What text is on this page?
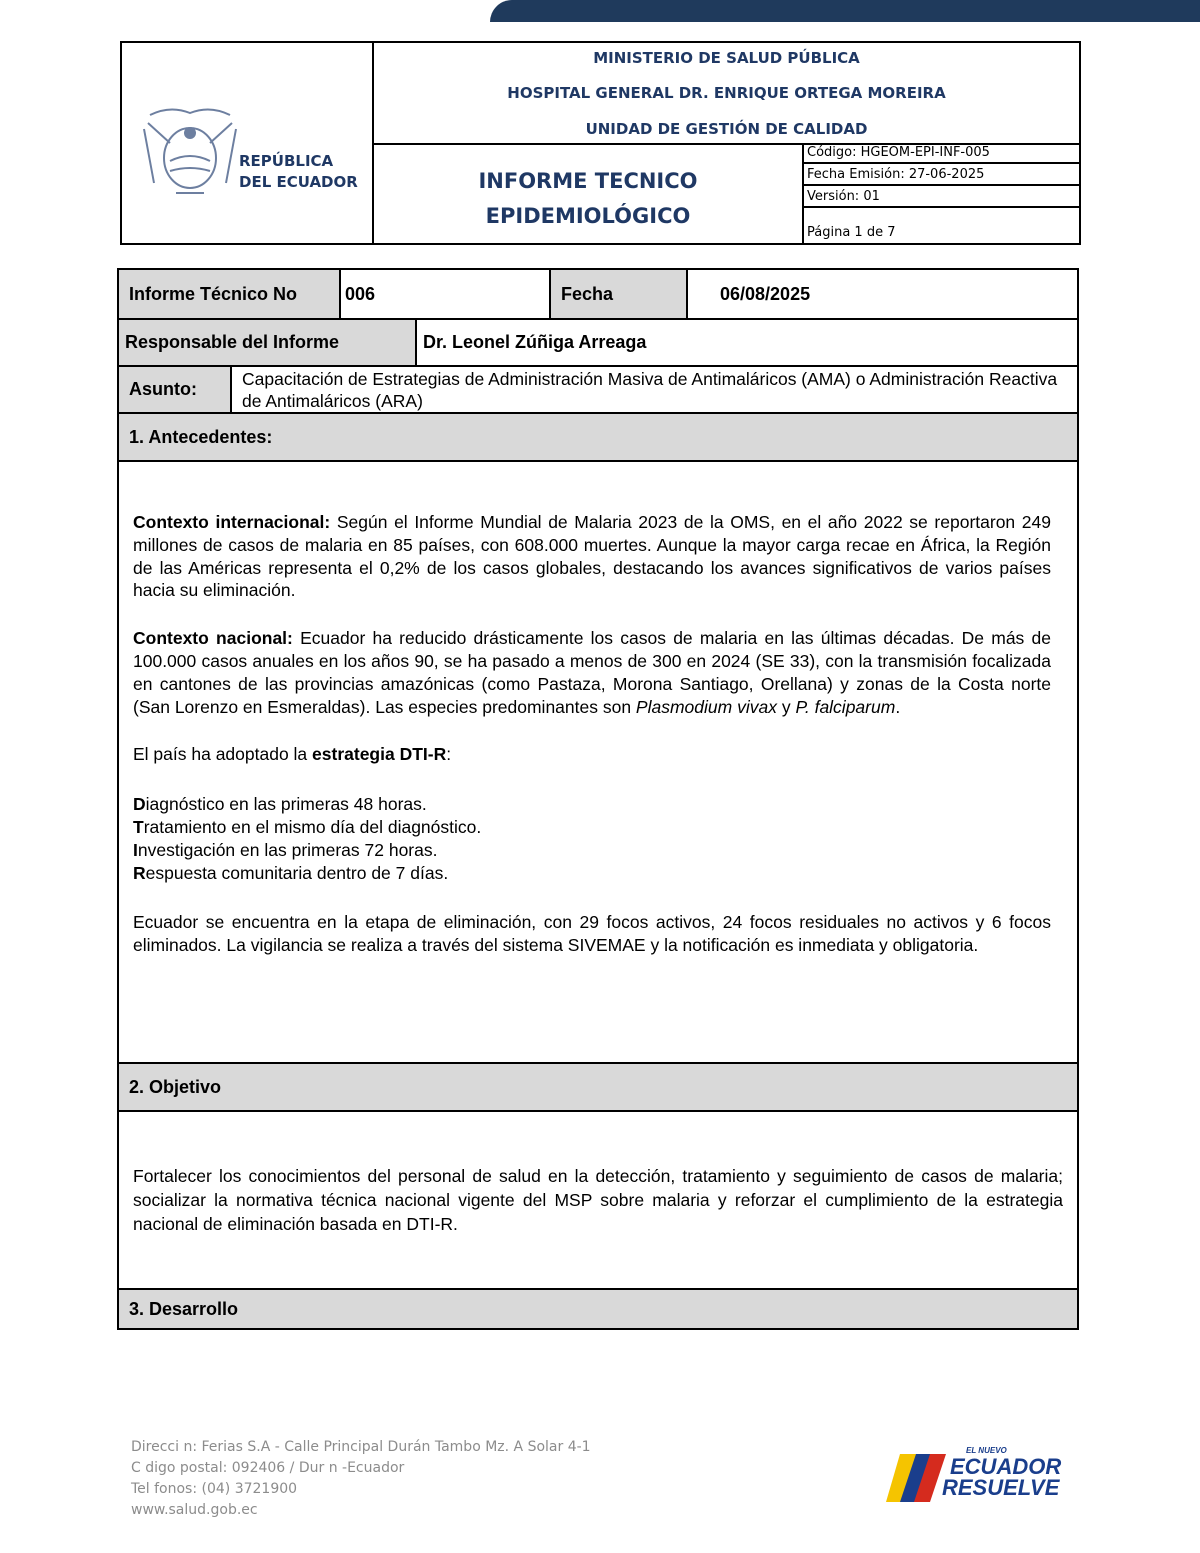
REPÚBLICA
DEL ECUADOR
MINISTERIO DE SALUD PÚBLICA
HOSPITAL GENERAL DR. ENRIQUE ORTEGA MOREIRA
UNIDAD DE GESTIÓN DE CALIDAD
INFORME TECNICO
EPIDEMIOLÓGICO
Código: HGEOM-EPI-INF-005
Fecha Emisión: 27-06-2025
Versión: 01
Página 1 de 7
Informe Técnico No	006	Fecha	06/08/2025
Responsable del Informe	Dr. Leonel Zúñiga Arreaga
Asunto:	Capacitación de Estrategias de Administración Masiva de Antimaláricos (AMA) o Administración Reactiva de Antimaláricos (ARA)
1. Antecedentes:

Contexto internacional: Según el Informe Mundial de Malaria 2023 de la OMS, en el año 2022 se reportaron 249 millones de casos de malaria en 85 países, con 608.000 muertes. Aunque la mayor carga recae en África, la Región de las Américas representa el 0,2% de los casos globales, destacando los avances significativos de varios países hacia su eliminación.

Contexto nacional: Ecuador ha reducido drásticamente los casos de malaria en las últimas décadas. De más de 100.000 casos anuales en los años 90, se ha pasado a menos de 300 en 2024 (SE 33), con la transmisión focalizada en cantones de las provincias amazónicas (como Pastaza, Morona Santiago, Orellana) y zonas de la Costa norte (San Lorenzo en Esmeraldas). Las especies predominantes son Plasmodium vivax y P. falciparum.

El país ha adoptado la estrategia DTI-R:

Diagnóstico en las primeras 48 horas.
Tratamiento en el mismo día del diagnóstico.
Investigación en las primeras 72 horas.
Respuesta comunitaria dentro de 7 días.

Ecuador se encuentra en la etapa de eliminación, con 29 focos activos, 24 focos residuales no activos y 6 focos eliminados. La vigilancia se realiza a través del sistema SIVEMAE y la notificación es inmediata y obligatoria.

2. Objetivo
Fortalecer los conocimientos del personal de salud en la detección, tratamiento y seguimiento de casos de malaria; socializar la normativa técnica nacional vigente del MSP sobre malaria y reforzar el cumplimiento de la estrategia nacional de eliminación basada en DTI-R.
3. Desarrollo
Direcci n: Ferias S.A - Calle Principal Durán Tambo Mz. A Solar 4-1
C digo postal: 092406 / Dur n -Ecuador
Tel fonos: (04) 3721900
www.salud.gob.ec
EL NUEVO
ECUADOR
RESUELVE
